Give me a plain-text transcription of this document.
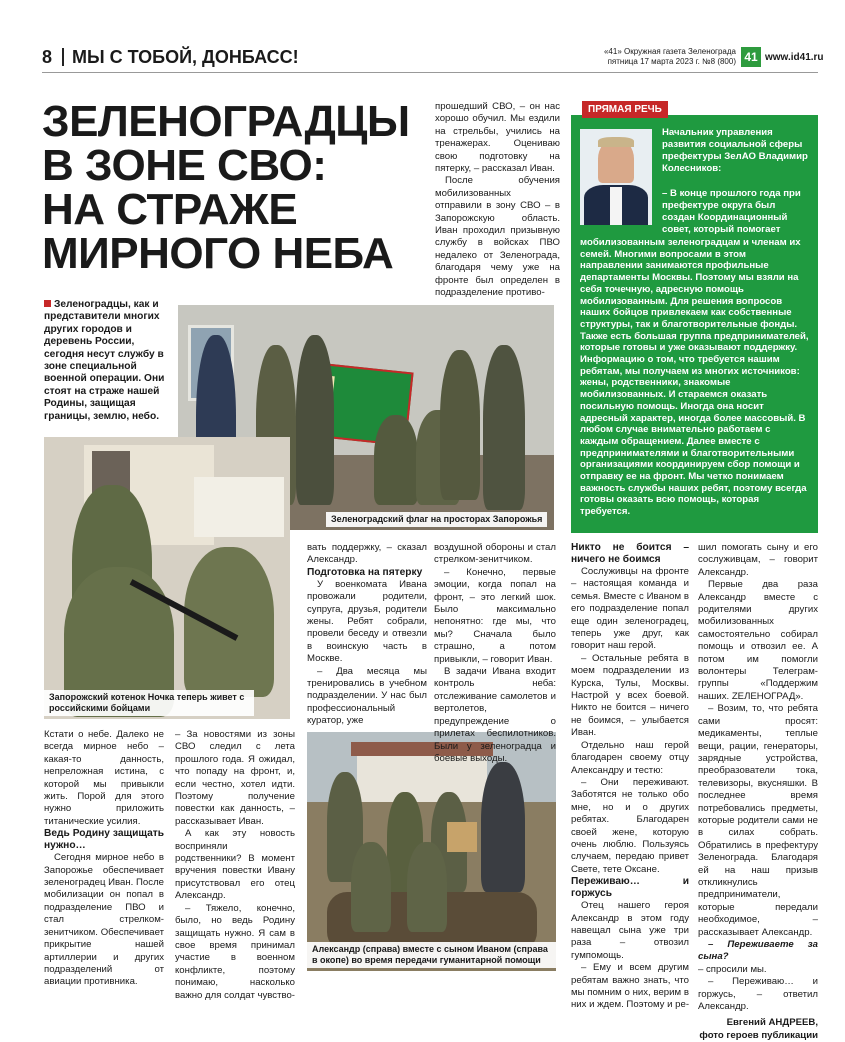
8 МЫ С ТОБОЙ, ДОНБАСС!	«41» Окружная газета Зеленограда
пятница 17 марта 2023 г. №8 (800) 41 www.id41.ru
ЗЕЛЕНОГРАДЦЫ
В ЗОНЕ СВО:
НА СТРАЖЕ
МИРНОГО НЕБА

прошедший СВО, – он нас хорошо обучил. Мы ездили на стрельбы, учились на тренажерах. Оцениваю свою подготовку на пятерку, – рассказал Иван.

После обучения мобилизованных отправили в зону СВО – в Запорожскую область. Иван проходил призывную службу в войсках ПВО недалеко от Зеленограда, благодаря чему уже на фронте был определен в подразделение противо-

Зеленоградцы, как и представители многих других городов и деревень России, сегодня несут службу в зоне специальной военной операции. Они стоят на страже нашей Родины, защищая границы, землю, небо.
ПРЯМАЯ РЕЧЬ
Начальник управления развития социальной сферы префектуры ЗелАО Владимир Колесников:
– В конце прошлого года при префектуре округа был создан Координационный совет, который помогает
мобилизованным зеленоградцам и членам их семей. Многими вопросами в этом направлении занимаются профильные департаменты Москвы. Поэтому мы взяли на себя точечную, адресную помощь мобилизованным. Для решения вопросов наших бойцов привлекаем как собственные структуры, так и благотворительные фонды. Также есть большая группа предпринимателей, которые готовы и уже оказывают поддержку. Информацию о том, что требуется нашим ребятам, мы получаем из многих источников: жены, родственники, знакомые мобилизованных. И стараемся оказать посильную помощь. Иногда она носит адресный характер, иногда более массовый. В любом случае внимательно работаем с каждым обращением. Далее вместе с предпринимателями и благотворительными организациями координируем сбор помощи и отправку ее на фронт. Мы четко понимаем важность службы наших ребят, поэтому всегда готовы оказать всю помощь, которая требуется.
Зеленоградский флаг на просторах Запорожья
Запорожский котенок Ночка теперь живет с российскими бойцами
Александр (справа) вместе с сыном Иваном (справа в окопе) во время передачи гуманитарной помощи

Кстати о небе. Далеко не всегда мирное небо – какая-то данность, непреложная истина, с которой мы привыкли жить. Порой для этого нужно приложить титанические усилия.

Ведь Родину защищать нужно…

Сегодня мирное небо в Запорожье обеспечивает зеленоградец Иван. После мобилизации он попал в подразделение ПВО и стал стрелком-зенитчиком. Обеспечивает прикрытие нашей артиллерии и других подразделений от авиации противника.

вать поддержку, – сказал Александр.

Подготовка на пятерку

У военкомата Ивана провожали родители, супруга, друзья, родители жены. Ребят собрали, провели беседу и отвезли в воинскую часть в Москве.

– Два месяца мы тренировались в учебном подразделении. У нас был профессиональный куратор, уже

– За новостями из зоны СВО следил с лета прошлого года. Я ожидал, что попаду на фронт, и, если честно, хотел идти. Поэтому получение повестки как данность, – рассказывает Иван.

А как эту новость восприняли родственники? В момент вручения повестки Ивану присутствовал его отец Александр.

– Тяжело, конечно, было, но ведь Родину защищать нужно. Я сам в свое время принимал участие в военном конфликте, поэтому понимаю, насколько важно для солдат чувство-

воздушной обороны и стал стрелком-зенитчиком.

– Конечно, первые эмоции, когда попал на фронт, – это легкий шок. Было максимально непонятно: где мы, что мы? Сначала было страшно, а потом привыкли, – говорит Иван.

В задачи Ивана входит контроль неба: отслеживание самолетов и вертолетов, предупреждение о прилетах беспилотников. Были у зеленоградца и боевые выходы.

Никто не боится – ничего не боимся

Сослуживцы на фронте – настоящая команда и семья. Вместе с Иваном в его подразделение попал еще один зеленоградец, теперь уже друг, как говорит наш герой.

– Остальные ребята в моем подразделении из Курска, Тулы, Москвы. Настрой у всех боевой. Никто не боится – ничего не боимся, – улыбается Иван.

Отдельно наш герой благодарен своему отцу Александру и тестю:

– Они переживают. Заботятся не только обо мне, но и о других ребятах. Благодарен своей жене, которую очень люблю. Пользуясь случаем, передаю привет Свете, тете Оксане.

Переживаю… и горжусь

Отец нашего героя Александр в этом году навещал сына уже три раза – отвозил гумпомощь.

– Ему и всем другим ребятам важно знать, что мы помним о них, верим в них и ждем. Поэтому и ре-

шил помогать сыну и его сослуживцам, – говорит Александр.

Первые два раза Александр вместе с родителями других мобилизованных самостоятельно собирал помощь и отвозил ее. А потом им помогли волонтеры Телеграм-группы «Поддержим наших. ZЕЛЕНОГРАД».

– Возим, то, что ребята сами просят: медикаменты, теплые вещи, рации, генераторы, зарядные устройства, преобразователи тока, телевизоры, вкусняшки. В последнее время потребовались предметы, которые родители сами не в силах собрать. Обратились в префектуру Зеленограда. Благодаря ей на наш призыв откликнулись предприниматели, которые передали необходимое, – рассказывает Александр.

– Переживаете за сына?

– спросили мы.

– Переживаю… и горжусь, – ответил Александр.

Евгений АНДРЕЕВ,

фото героев публикации
